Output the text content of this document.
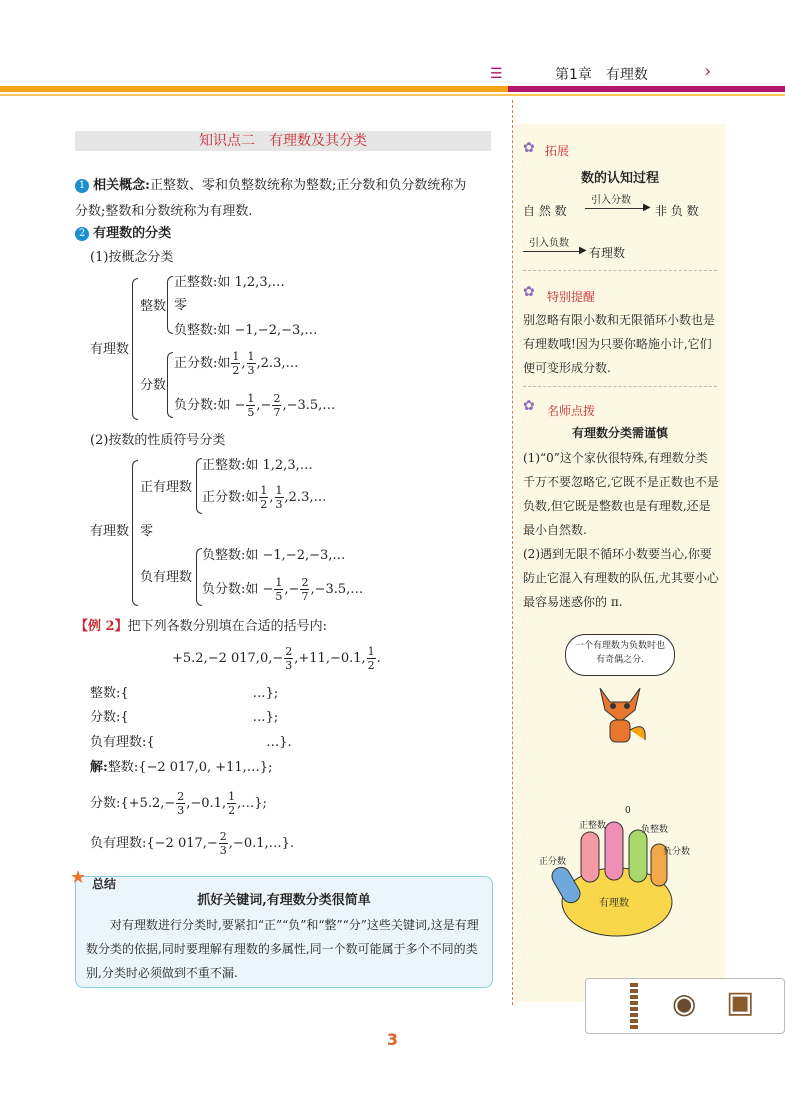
☰	第1章　有理数	›
知识点二　有理数及其分类
1 相关概念:正整数、零和负整数统称为整数;正分数和负分数统称为
分数;整数和分数统称为有理数.
2 有理数的分类
(1)按概念分类
有理数
整数
正整数:如 1,2,3,…
零
负整数:如 −1,−2,−3,…
分数
正分数:如 $\frac{1}{2}$ , $\frac{1}{3}$ ,2.3,…
负分数:如 − $\frac{1}{5}$ ,− $\frac{2}{7}$ ,−3.5,…
(2)按数的性质符号分类
有理数
正有理数
正整数:如 1,2,3,…
正分数:如 $\frac{1}{2}$ , $\frac{1}{3}$ ,2.3,…
零
负有理数
负整数:如 −1,−2,−3,…
负分数:如 − $\frac{1}{5}$ ,− $\frac{2}{7}$ ,−3.5,…
【例 2】把下列各数分别填在合适的括号内:
+5.2,−2 $017,0,- \frac{2}{3} ,+11,-0.1$, $\frac{1}{2}$ .
整数:{                              …};
分数:{                              …};
负有理数:{                           …}.
解:整数:{−2 017,0, +11,…};
分数:{+5.2,− $\frac{2}{3} ,-0.1$, $\frac{1}{2}$ ,…};
负有理数:{−2 $017,- \frac{2}{3}$ ,−0.1,…}.
★ 总结
抓好关键词,有理数分类很简单
对有理数进行分类时,要紧扣“正”“负”和“整”“分”这些关键词,这是有理数分类的依据,同时要理解有理数的多属性,同一个数可能属于多个不同的类别,分类时必须做到不重不漏.
✿ 拓展
数的认知过程
自 然 数
引入分数
▶ 非 负 数
引入负数
▶ 有理数
✿ 特别提醒
别忽略有限小数和无限循环小数也是有理数哦!因为只要你略施小计,它们便可变形成分数.
✿ 名师点拨
有理数分类需谨慎
(1)“0”这个家伙很特殊,有理数分类千万不要忽略它,它既不是正数也不是负数,但它既是整数也是有理数,还是最小自然数.
(2)遇到无限不循环小数要当心,你要防止它混入有理数的队伍,尤其要小心最容易迷惑你的 π.
一个有理数为负数时也有奇偶之分.
有理数
正分数
正整数
0
负整数
负分数
◉ ▣
3
